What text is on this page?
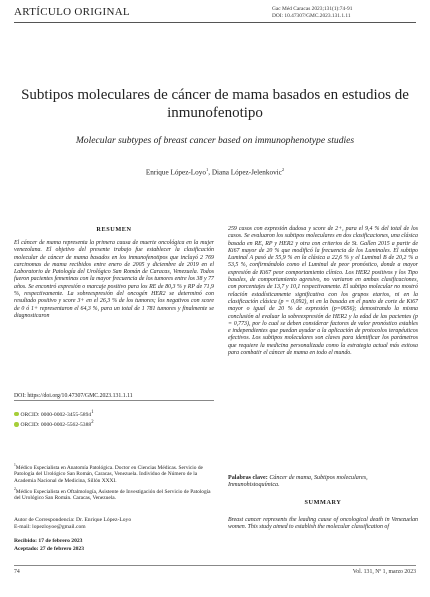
ARTÍCULO ORIGINAL	Gac Méd Caracas 2023;131(1):74-91
DOI: 10.47307/GMC.2023.131.1.11
Subtipos moleculares de cáncer de mama basados en estudios de inmunofenotipo
Molecular subtypes of breast cancer based on immunophenotype studies
Enrique López-Loyo$^1$, Diana López-Jelenkovic$^2$
RESUMEN
El cáncer de mama representa la primera causa de muerte oncológica en la mujer venezolana. El objetivo del presente trabajo fue establecer la clasificación molecular de cáncer de mama basados en los inmunofenotipos que incluyó 2 769 carcinomas de mama recibidos entre enero de 2005 y diciembre de 2019 en el Laboratorio de Patología del Urológico San Román de Caracas, Venezuela. Todos fueron pacientes femeninas con la mayor frecuencia de los tumores entre los 38 y 77 años. Se encontró expresión o marcaje positivo para los RE de 80,3 % y RP de 71,9 %, respectivamente. La sobreexpresión del oncogén HER2 se determinó con resultado positivo y score 3+ en el 26,3 % de los tumores; los negativos con score de 0 ó 1+ representaron el 64,3 %, para un total de 1 781 tumores y finalmente se diagnosticaron
DOI: https://doi.org/10.47307/GMC.2023.131.1.11
ORCID: 0000-0002-3455-5894$^1$
ORCID: 0000-0002-5562-5388$^2$
$^1$Médico Especialista en Anatomía Patológica. Doctor en Ciencias Médicas. Servicio de Patología del Urológico San Román, Caracas, Venezuela. Individuo de Número de la Academia Nacional de Medicina, Sillón XXXI.
$^2$Médico Especialista en Oftalmología, Asistente de Investigación del Servicio de Patología del Urológico San Román. Caracas, Venezuela.
Autor de Correspondencia: Dr. Enrique López-Loyo
E-mail: lopezloyoe@gmail.com
Recibido: 17 de febrero 2023
Aceptado: 27 de febrero 2023
259 casos con expresión dudosa y score de 2+, para el 9,4 % del total de los casos. Se evaluaron los subtipos moleculares en dos clasificaciones, una clásica basada en RE, RP y HER2 y otra con criterios de St. Gallen 2015 a partir de Ki67 mayor de 20 % que modificó la frecuencia de los Luminales. El subtipo Luminal A pasó de 55,9 % en la clásica a 22,6 % y el Luminal B de 20,2 % a 53,5 %, confirmándolo como el Luminal de peor pronóstico, donde a mayor expresión de Ki67 peor comportamiento clínico. Los HER2 positivos y los Tipo basales, de comportamiento agresivo, no variaron en ambas clasificaciones, con porcentajes de 13,7 y 10,1 respectivamente. El subtipo molecular no mostró relación estadísticamente significativa con los grupos etarios, ni en la clasificación clásica (p = 0,092), ni en la basada en el punto de corte de Ki67 mayor o igual de 20 % de expresión (p=0656); demostrando la misma conclusión al evaluar la sobreexpresión de HER2 y la edad de las pacientes (p = 0,773), por lo cual se deben considerar factores de valor pronóstico estables e independientes que puedan ayudar a la aplicación de protocolos terapéuticos efectivos. Los subtipos moleculares son claves para identificar los parámetros que requiere la medicina personalizada como la estrategia actual más exitosa para combatir el cáncer de mama en todo el mundo.
Palabras clave: Cáncer de mama, Subtipos moleculares, Inmunohistoquímica.
SUMMARY
Breast cancer represents the leading cause of oncological death in Venezuelan women. This study aimed to establish the molecular classification of
74	Vol. 131, Nº 1, marzo 2023
